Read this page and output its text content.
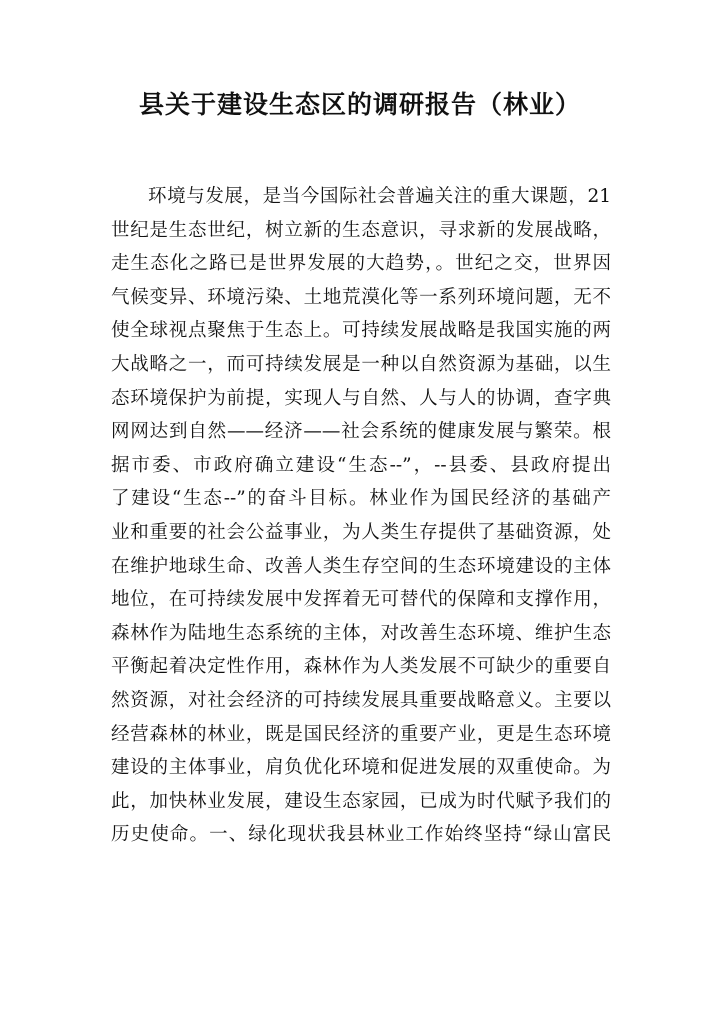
县关于建设生态区的调研报告（林业）
环境与发展，是当今国际社会普遍关注的重大课题，21
世纪是生态世纪，树立新的生态意识，寻求新的发展战略，
走生态化之路已是世界发展的大趋势，。世纪之交，世界因
气候变异、环境污染、土地荒漠化等一系列环境问题，无不
使全球视点聚焦于生态上。可持续发展战略是我国实施的两
大战略之一，而可持续发展是一种以自然资源为基础，以生
态环境保护为前提，实现人与自然、人与人的协调，查字典
网网达到自然——经济——社会系统的健康发展与繁荣。根
据市委、市政府确立建设“生态--”，--县委、县政府提出
了建设“生态--”的奋斗目标。林业作为国民经济的基础产
业和重要的社会公益事业，为人类生存提供了基础资源，处
在维护地球生命、改善人类生存空间的生态环境建设的主体
地位，在可持续发展中发挥着无可替代的保障和支撑作用，
森林作为陆地生态系统的主体，对改善生态环境、维护生态
平衡起着决定性作用，森林作为人类发展不可缺少的重要自
然资源，对社会经济的可持续发展具重要战略意义。主要以
经营森林的林业，既是国民经济的重要产业，更是生态环境
建设的主体事业，肩负优化环境和促进发展的双重使命。为
此，加快林业发展，建设生态家园，已成为时代赋予我们的
历史使命。一、绿化现状我县林业工作始终坚持“绿山富民
